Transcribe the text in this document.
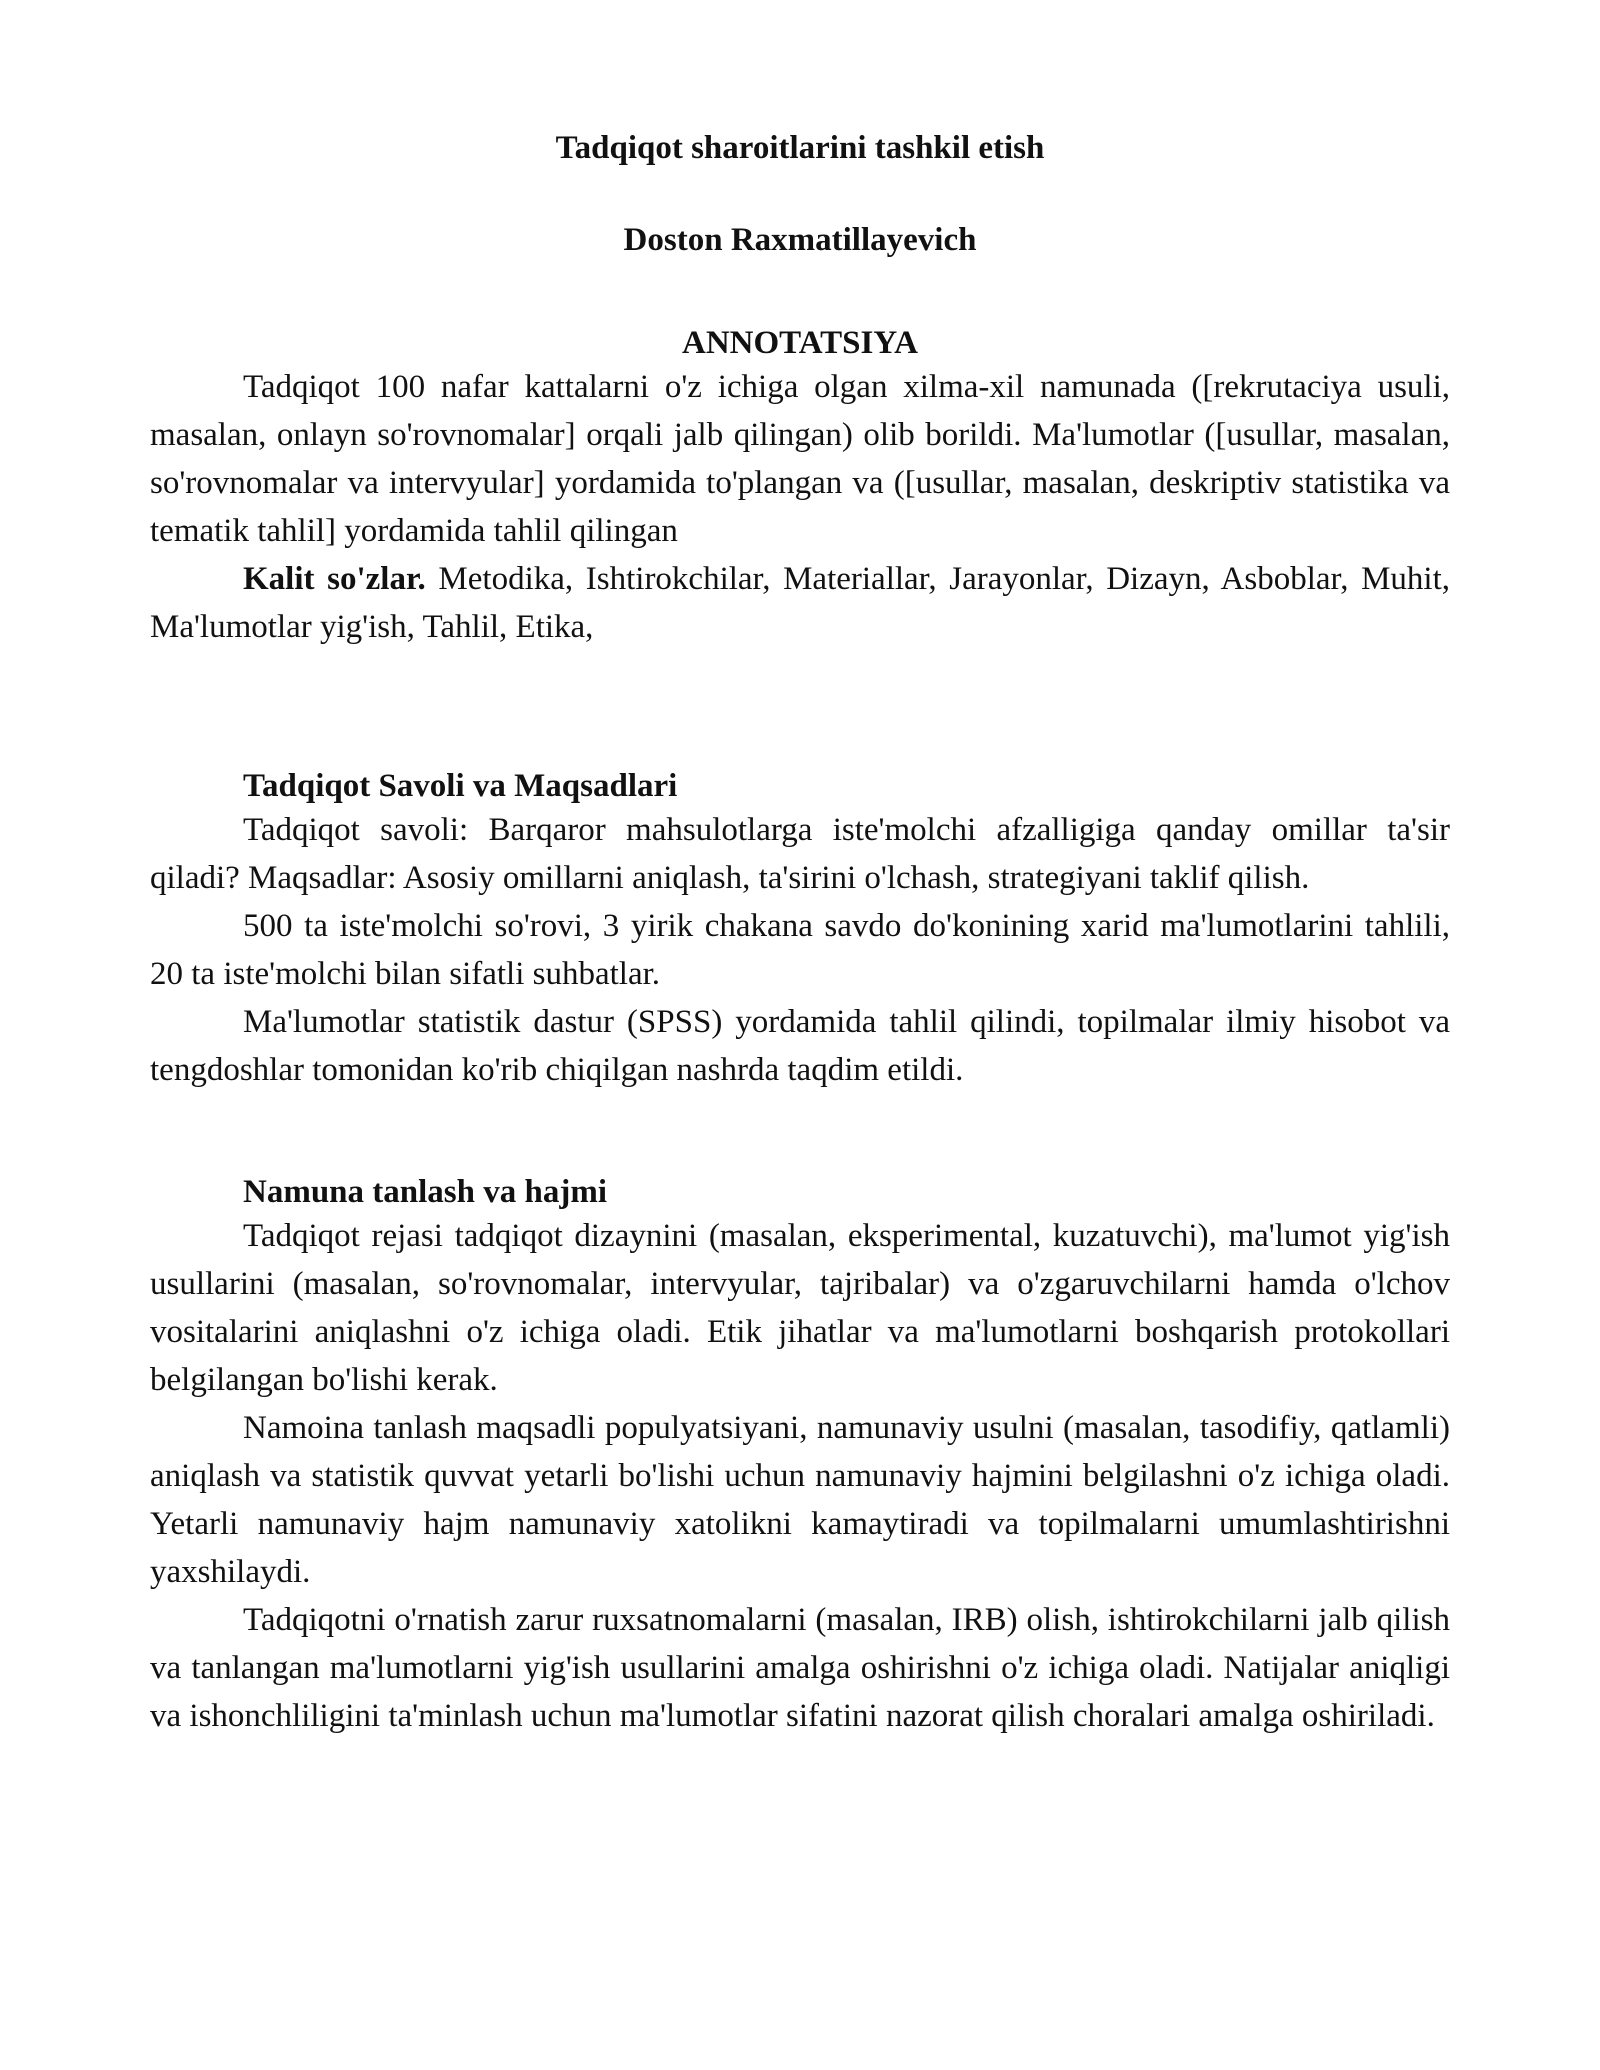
Tadqiqot sharoitlarini tashkil etish
Doston Raxmatillayevich
ANNOTATSIYA

Tadqiqot 100 nafar kattalarni o'z ichiga olgan xilma-xil namunada ([rekrutaciya usuli, masalan, onlayn so'rovnomalar] orqali jalb qilingan) olib borildi. Ma'lumotlar ([usullar, masalan, so'rovnomalar va intervyular] yordamida to'plangan va ([usullar, masalan, deskriptiv statistika va tematik tahlil] yordamida tahlil qilingan

Kalit so'zlar. Metodika, Ishtirokchilar, Materiallar, Jarayonlar, Dizayn, Asboblar, Muhit, Ma'lumotlar yig'ish, Tahlil, Etika,

Tadqiqot Savoli va Maqsadlari

Tadqiqot savoli: Barqaror mahsulotlarga iste'molchi afzalligiga qanday omillar ta'sir qiladi? Maqsadlar: Asosiy omillarni aniqlash, ta'sirini o'lchash, strategiyani taklif qilish.

500 ta iste'molchi so'rovi, 3 yirik chakana savdo do'konining xarid ma'lumotlarini tahlili, 20 ta iste'molchi bilan sifatli suhbatlar.

Ma'lumotlar statistik dastur (SPSS) yordamida tahlil qilindi, topilmalar ilmiy hisobot va tengdoshlar tomonidan ko'rib chiqilgan nashrda taqdim etildi.

Namuna tanlash va hajmi

Tadqiqot rejasi tadqiqot dizaynini (masalan, eksperimental, kuzatuvchi), ma'lumot yig'ish usullarini (masalan, so'rovnomalar, intervyular, tajribalar) va o'zgaruvchilarni hamda o'lchov vositalarini aniqlashni o'z ichiga oladi. Etik jihatlar va ma'lumotlarni boshqarish protokollari belgilangan bo'lishi kerak.

Namoina tanlash maqsadli populyatsiyani, namunaviy usulni (masalan, tasodifiy, qatlamli) aniqlash va statistik quvvat yetarli bo'lishi uchun namunaviy hajmini belgilashni o'z ichiga oladi. Yetarli namunaviy hajm namunaviy xatolikni kamaytiradi va topilmalarni umumlashtirishni yaxshilaydi.

Tadqiqotni o'rnatish zarur ruxsatnomalarni (masalan, IRB) olish, ishtirokchilarni jalb qilish va tanlangan ma'lumotlarni yig'ish usullarini amalga oshirishni o'z ichiga oladi. Natijalar aniqligi va ishonchliligini ta'minlash uchun ma'lumotlar sifatini nazorat qilish choralari amalga oshiriladi.
